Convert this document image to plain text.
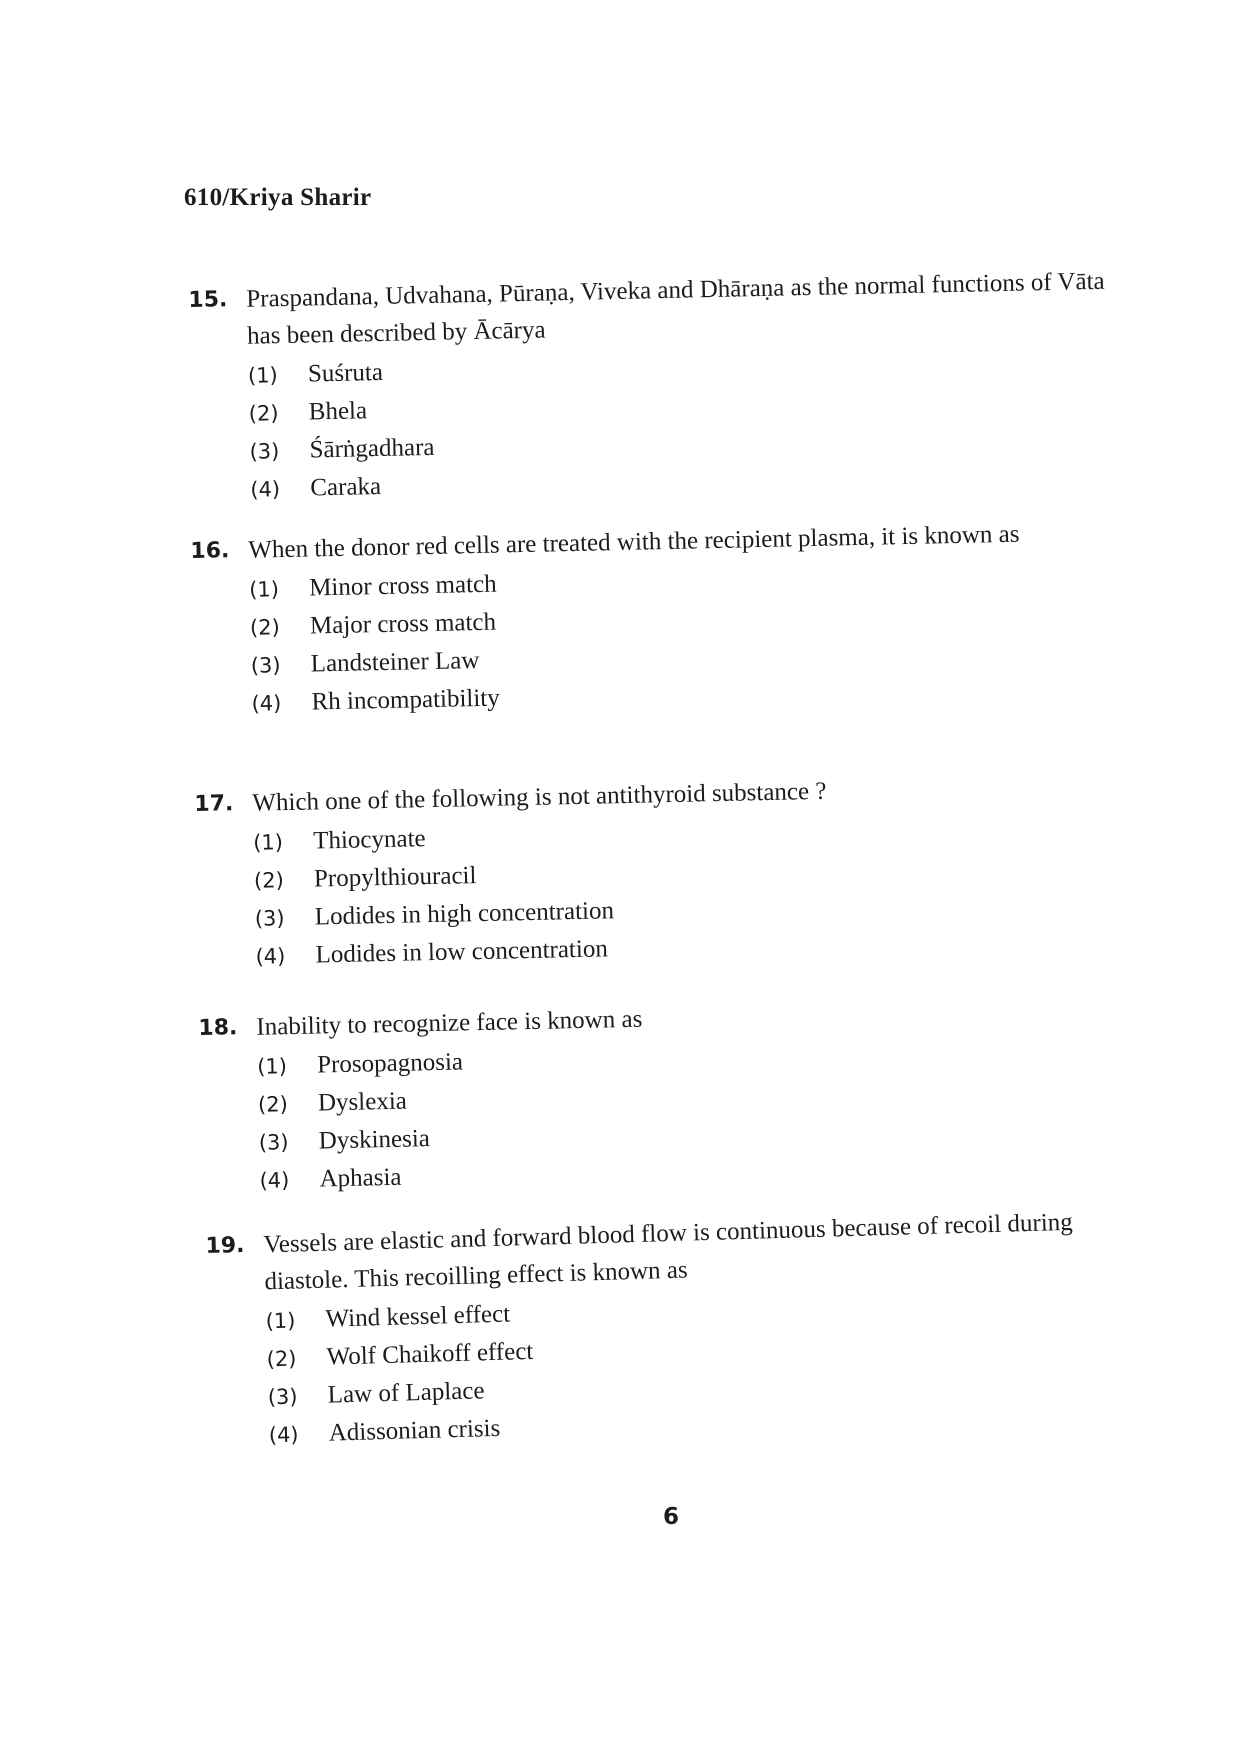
610/Kriya Sharir
15. Praspandana, Udvahana, Pūraṇa, Viveka and Dhāraṇa as the normal functions of Vāta has been described by Ācārya
(1) Suśruta
(2) Bhela
(3) Śārṅgadhara
(4) Caraka
16. When the donor red cells are treated with the recipient plasma, it is known as
(1) Minor cross match
(2) Major cross match
(3) Landsteiner Law
(4) Rh incompatibility
17. Which one of the following is not antithyroid substance ?
(1) Thiocynate
(2) Propylthiouracil
(3) Lodides in high concentration
(4) Lodides in low concentration
18. Inability to recognize face is known as
(1) Prosopagnosia
(2) Dyslexia
(3) Dyskinesia
(4) Aphasia
19. Vessels are elastic and forward blood flow is continuous because of recoil during diastole. This recoilling effect is known as
(1) Wind kessel effect
(2) Wolf Chaikoff effect
(3) Law of Laplace
(4) Adissonian crisis
6
